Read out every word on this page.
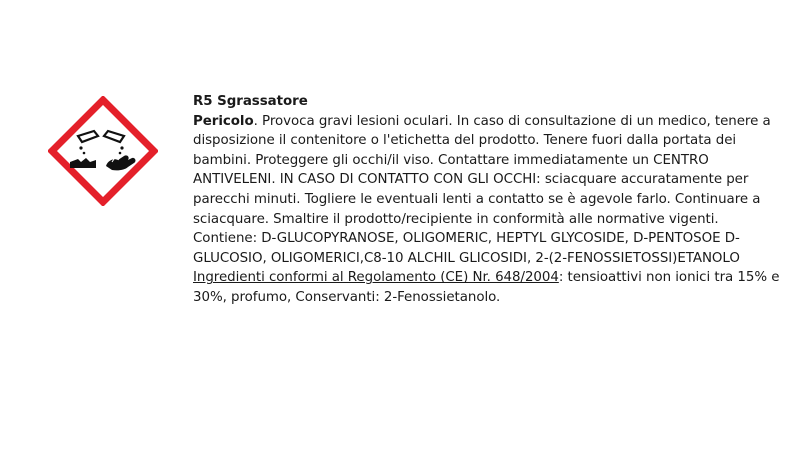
R5 Sgrassatore

Pericolo. Provoca gravi lesioni oculari. In caso di consultazione di un medico, tenere a disposizione il contenitore o l'etichetta del prodotto. Tenere fuori dalla portata dei bambini. Proteggere gli occhi/il viso. Contattare immediatamente un CENTRO ANTIVELENI. IN CASO DI CONTATTO CON GLI OCCHI: sciacquare accuratamente per parecchi minuti. Togliere le eventuali lenti a contatto se è agevole farlo. Continuare a sciacquare. Smaltire il prodotto/recipiente in conformità alle normative vigenti.

Contiene: D-GLUCOPYRANOSE, OLIGOMERIC, HEPTYL GLYCOSIDE, D-PENTOSOE D-GLUCOSIO, OLIGOMERICI,C8-10 ALCHIL GLICOSIDI, 2-(2-FENOSSIETOSSI)ETANOLO

Ingredienti conformi al Regolamento (CE) Nr. 648/2004: tensioattivi non ionici tra 15% e 30%, profumo, Conservanti: 2-Fenossietanolo.
